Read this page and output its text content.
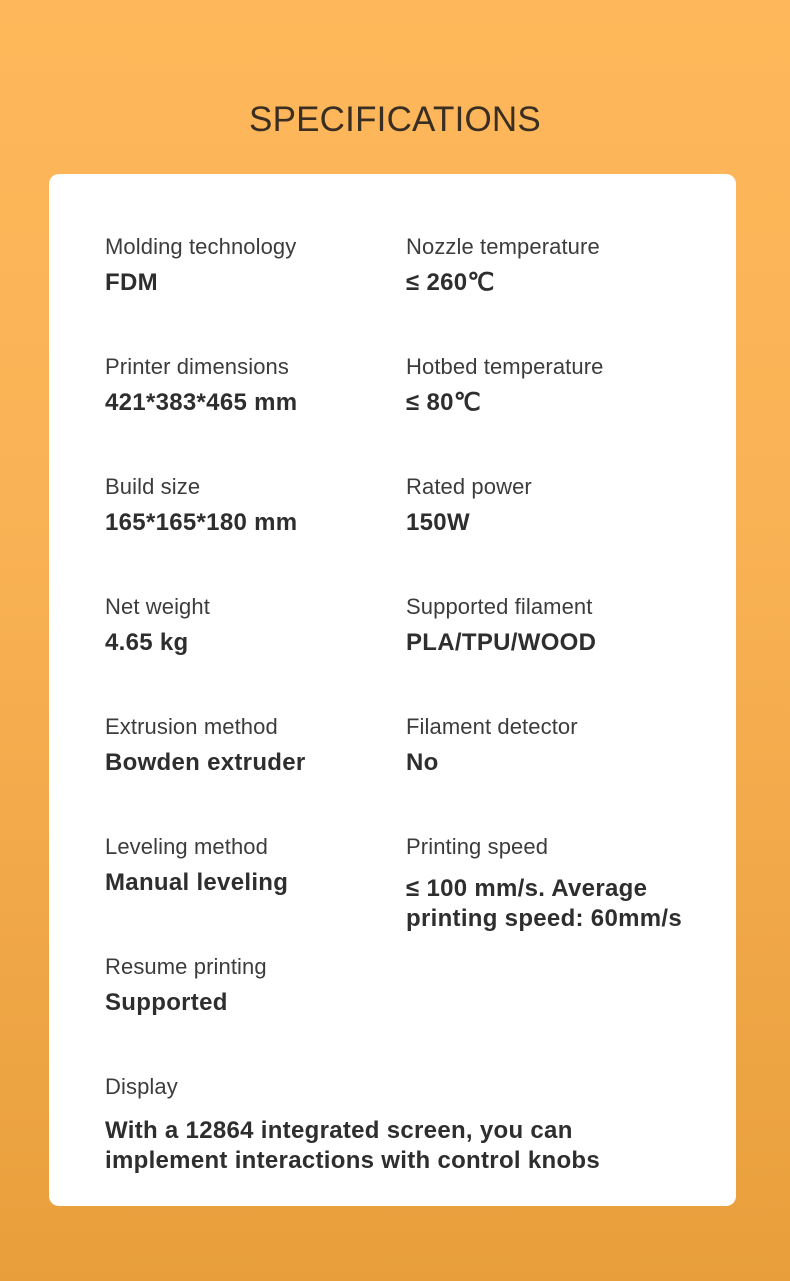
SPECIFICATIONS
Molding technology
FDM
Nozzle temperature
≤ 260℃
Printer dimensions
421*383*465 mm
Hotbed temperature
≤ 80℃
Build size
165*165*180 mm
Rated power
150W
Net weight
4.65 kg
Supported filament
PLA/TPU/WOOD
Extrusion method
Bowden extruder
Filament detector
No
Leveling method
Manual leveling
Printing speed
≤ 100 mm/s. Average
printing speed: 60mm/s
Resume printing
Supported
Display
With a 12864 integrated screen, you can
implement interactions with control knobs
